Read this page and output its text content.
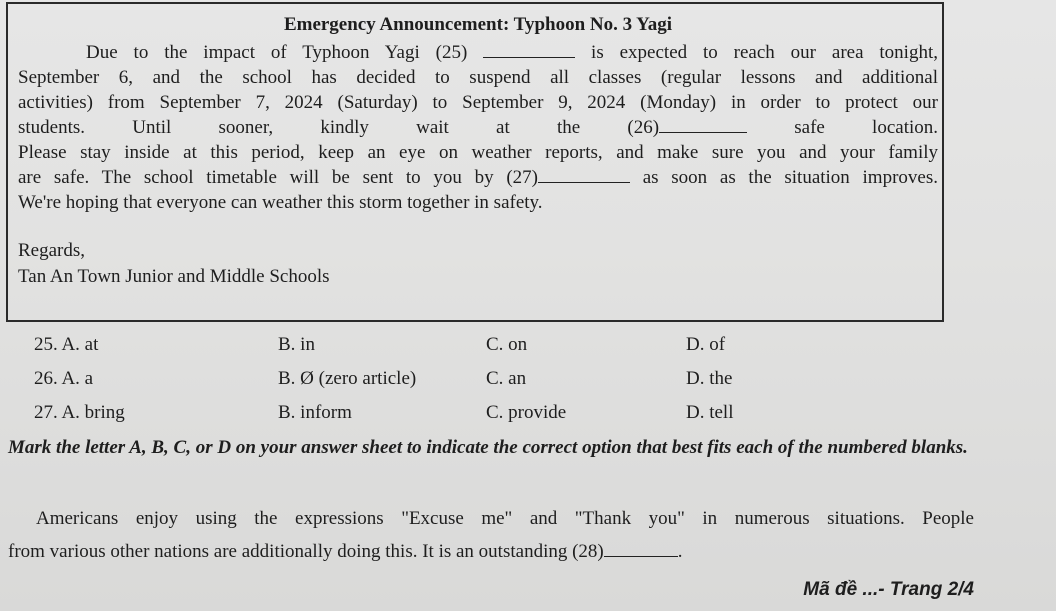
Emergency Announcement: Typhoon No. 3 Yagi
Due to the impact of Typhoon Yagi (25)	is expected to reach our area tonight,
September 6, and the school has decided to suspend all classes (regular lessons and additional
activities) from September 7, 2024 (Saturday) to September 9, 2024 (Monday) in order to protect our
students. Until sooner, kindly wait at the (26)	safe location.
Please stay inside at this period, keep an eye on weather reports, and make sure you and your family
are safe. The school timetable will be sent to you by (27)	as soon as the situation improves.
We're hoping that everyone can weather this storm together in safety.
Regards,
Tan An Town Junior and Middle Schools
25. A. at	B. in	C. on	D. of
26. A. a	B. Ø (zero article)	C. an	D. the
27. A. bring	B. inform	C. provide	D. tell
Mark the letter A, B, C, or D on your answer sheet to indicate the correct option that best fits each of the numbered blanks.
Americans enjoy using the expressions "Excuse me" and "Thank you" in numerous situations. People
from various other nations are additionally doing this. It is an outstanding (28)	.
Mã đề ...- Trang 2/4
